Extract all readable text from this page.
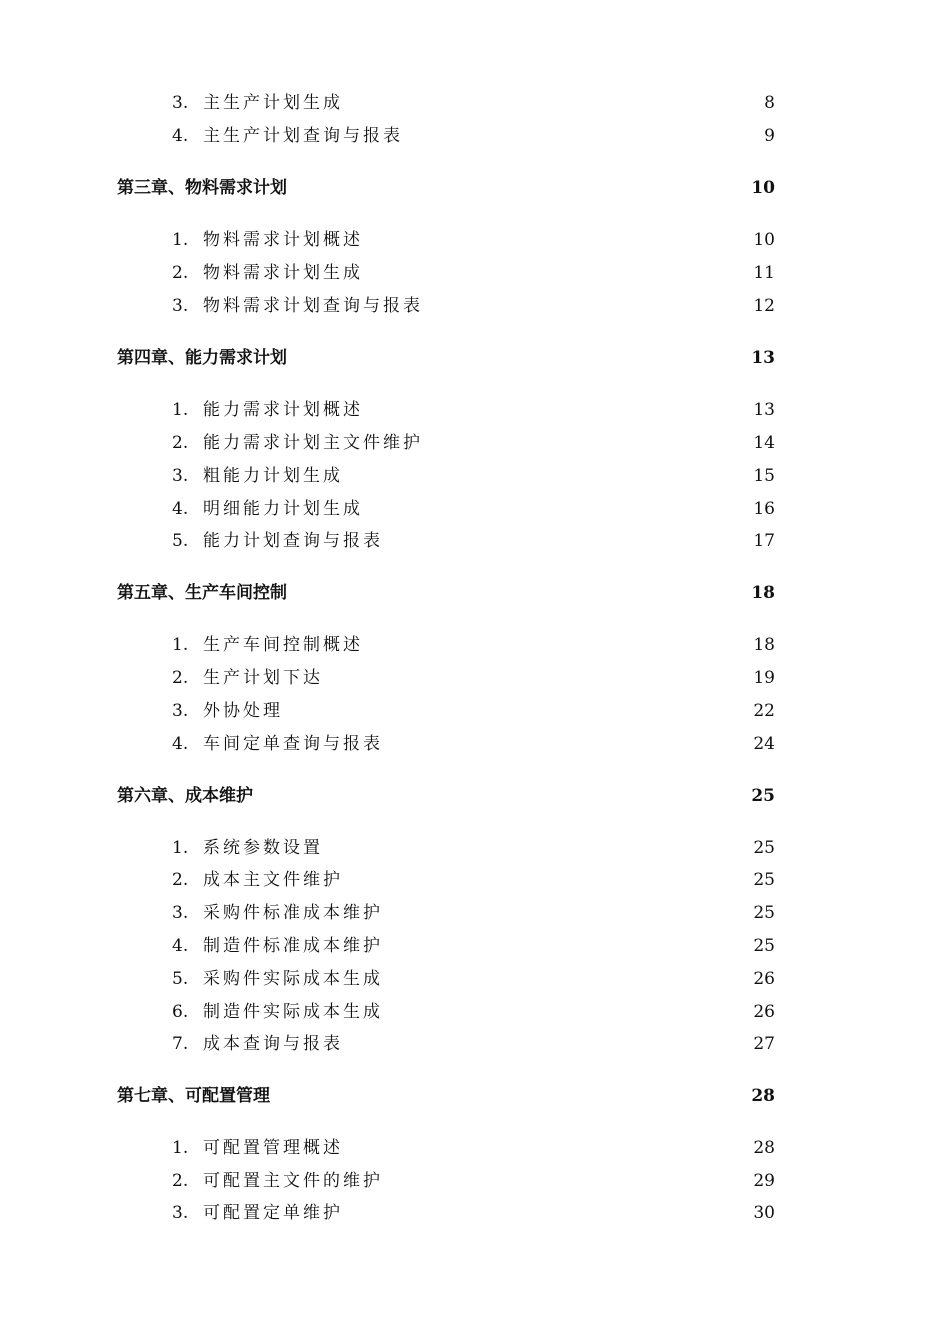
3. 主生产计划生成	8
4. 主生产计划查询与报表	9
第三章、物料需求计划	10
1. 物料需求计划概述	10
2. 物料需求计划生成	11
3. 物料需求计划查询与报表	12
第四章、能力需求计划	13
1. 能力需求计划概述	13
2. 能力需求计划主文件维护	14
3. 粗能力计划生成	15
4. 明细能力计划生成	16
5. 能力计划查询与报表	17
第五章、生产车间控制	18
1. 生产车间控制概述	18
2. 生产计划下达	19
3. 外协处理	22
4. 车间定单查询与报表	24
第六章、成本维护	25
1. 系统参数设置	25
2. 成本主文件维护	25
3. 采购件标准成本维护	25
4. 制造件标准成本维护	25
5. 采购件实际成本生成	26
6. 制造件实际成本生成	26
7. 成本查询与报表	27
第七章、可配置管理	28
1. 可配置管理概述	28
2. 可配置主文件的维护	29
3. 可配置定单维护	30
